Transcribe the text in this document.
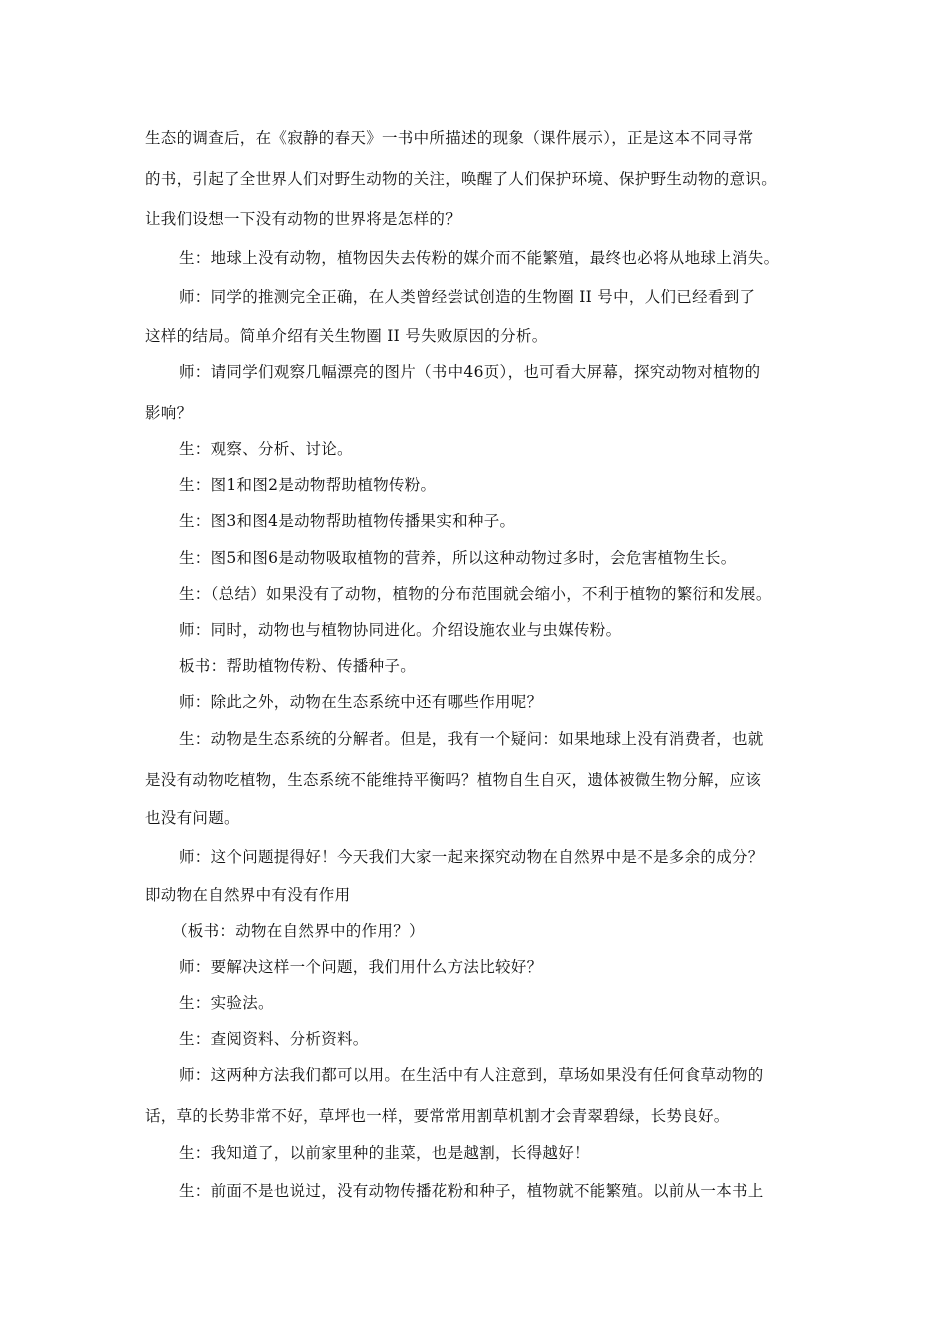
生态的调查后，在《寂静的春天》一书中所描述的现象（课件展示），正是这本不同寻常
的书，引起了全世界人们对野生动物的关注，唤醒了人们保护环境、保护野生动物的意识。
让我们设想一下没有动物的世界将是怎样的？
生：地球上没有动物，植物因失去传粉的媒介而不能繁殖，最终也必将从地球上消失。
师：同学的推测完全正确，在人类曾经尝试创造的生物圈 II 号中，人们已经看到了
这样的结局。简单介绍有关生物圈 II 号失败原因的分析。
师：请同学们观察几幅漂亮的图片（书中46页），也可看大屏幕，探究动物对植物的
影响？
生：观察、分析、讨论。
生：图1和图2是动物帮助植物传粉。
生：图3和图4是动物帮助植物传播果实和种子。
生：图5和图6是动物吸取植物的营养，所以这种动物过多时，会危害植物生长。
生：（总结）如果没有了动物，植物的分布范围就会缩小，不利于植物的繁衍和发展。
师：同时，动物也与植物协同进化。介绍设施农业与虫媒传粉。
板书：帮助植物传粉、传播种子。
师：除此之外，动物在生态系统中还有哪些作用呢？
生：动物是生态系统的分解者。但是，我有一个疑问：如果地球上没有消费者，也就
是没有动物吃植物，生态系统不能维持平衡吗？植物自生自灭，遗体被微生物分解，应该
也没有问题。
师：这个问题提得好！今天我们大家一起来探究动物在自然界中是不是多余的成分？
即动物在自然界中有没有作用
（板书：动物在自然界中的作用？）
师：要解决这样一个问题，我们用什么方法比较好？
生：实验法。
生：查阅资料、分析资料。
师：这两种方法我们都可以用。在生活中有人注意到，草场如果没有任何食草动物的
话，草的长势非常不好，草坪也一样，要常常用割草机割才会青翠碧绿，长势良好。
生：我知道了，以前家里种的韭菜，也是越割，长得越好！
生：前面不是也说过，没有动物传播花粉和种子，植物就不能繁殖。以前从一本书上
